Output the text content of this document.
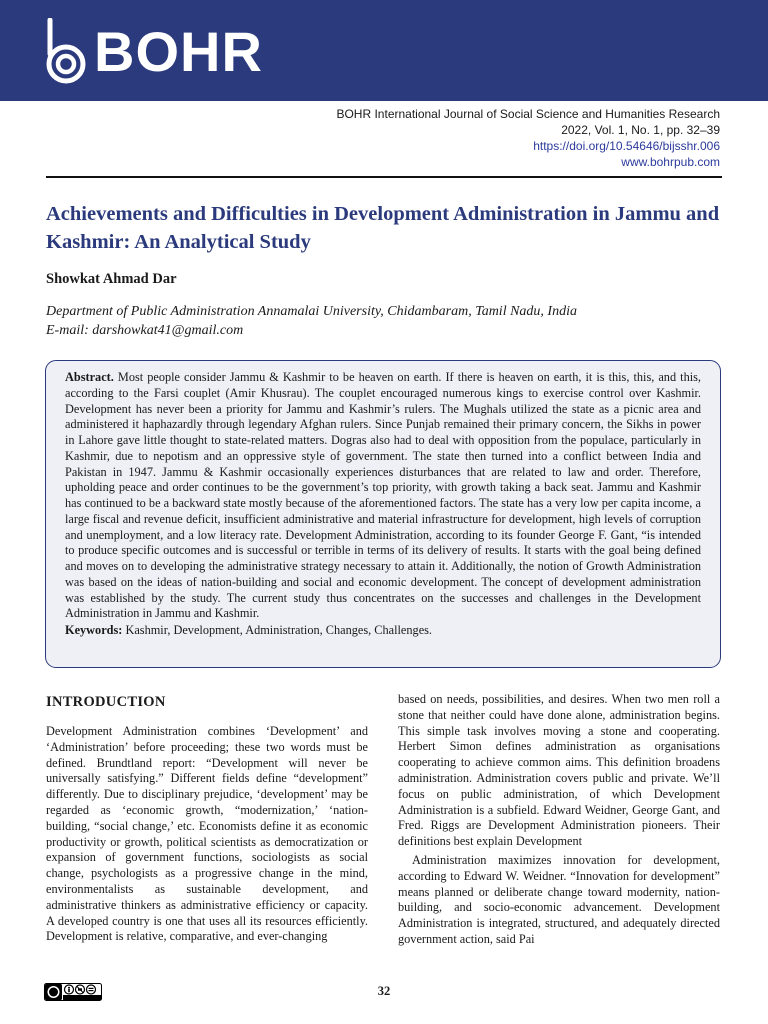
BOHR
BOHR International Journal of Social Science and Humanities Research
2022, Vol. 1, No. 1, pp. 32–39
https://doi.org/10.54646/bijsshr.006
www.bohrpub.com
Achievements and Difficulties in Development Administration in Jammu and Kashmir: An Analytical Study

Showkat Ahmad Dar

Department of Public Administration Annamalai University, Chidambaram, Tamil Nadu, India
E-mail: darshowkat41@gmail.com

Abstract. Most people consider Jammu & Kashmir to be heaven on earth. If there is heaven on earth, it is this, this, and this, according to the Farsi couplet (Amir Khusrau). The couplet encouraged numerous kings to exercise control over Kashmir. Development has never been a priority for Jammu and Kashmir’s rulers. The Mughals utilized the state as a picnic area and administered it haphazardly through legendary Afghan rulers. Since Punjab remained their primary concern, the Sikhs in power in Lahore gave little thought to state-related matters. Dogras also had to deal with opposition from the populace, particularly in Kashmir, due to nepotism and an oppressive style of government. The state then turned into a conflict between India and Pakistan in 1947. Jammu & Kashmir occasionally experiences disturbances that are related to law and order. Therefore, upholding peace and order continues to be the government’s top priority, with growth taking a back seat. Jammu and Kashmir has continued to be a backward state mostly because of the aforementioned factors. The state has a very low per capita income, a large fiscal and revenue deficit, insufficient administrative and material infrastructure for development, high levels of corruption and unemployment, and a low literacy rate. Development Administration, according to its founder George F. Gant, “is intended to produce specific outcomes and is successful or terrible in terms of its delivery of results. It starts with the goal being defined and moves on to developing the administrative strategy necessary to attain it. Additionally, the notion of Growth Administration was based on the ideas of nation-building and social and economic development. The concept of development administration was established by the study. The current study thus concentrates on the successes and challenges in the Development Administration in Jammu and Kashmir.

Keywords: Kashmir, Development, Administration, Changes, Challenges.

INTRODUCTION

Development Administration combines ‘Development’ and ‘Administration’ before proceeding; these two words must be defined. Brundtland report: “Development will never be universally satisfying.” Different fields define “development” differently. Due to disciplinary prejudice, ‘development’ may be regarded as ‘economic growth, “modernization,’ ‘nation-building, “social change,’ etc. Economists define it as economic productivity or growth, political scientists as democratization or expansion of government functions, sociologists as social change, psychologists as a progressive change in the mind, environmentalists as sustainable development, and administrative thinkers as administrative efficiency or capacity. A developed country is one that uses all its resources efficiently. Development is relative, comparative, and ever-changing

based on needs, possibilities, and desires. When two men roll a stone that neither could have done alone, administration begins. This simple task involves moving a stone and cooperating. Herbert Simon defines administration as organisations cooperating to achieve common aims. This definition broadens administration. Administration covers public and private. We’ll focus on public administration, of which Development Administration is a subfield. Edward Weidner, George Gant, and Fred. Riggs are Development Administration pioneers. Their definitions best explain Development

Administration maximizes innovation for development, according to Edward W. Weidner. “Innovation for development” means planned or deliberate change toward modernity, nation-building, and socio-economic advancement. Development Administration is integrated, structured, and adequately directed government action, said Pai

32
